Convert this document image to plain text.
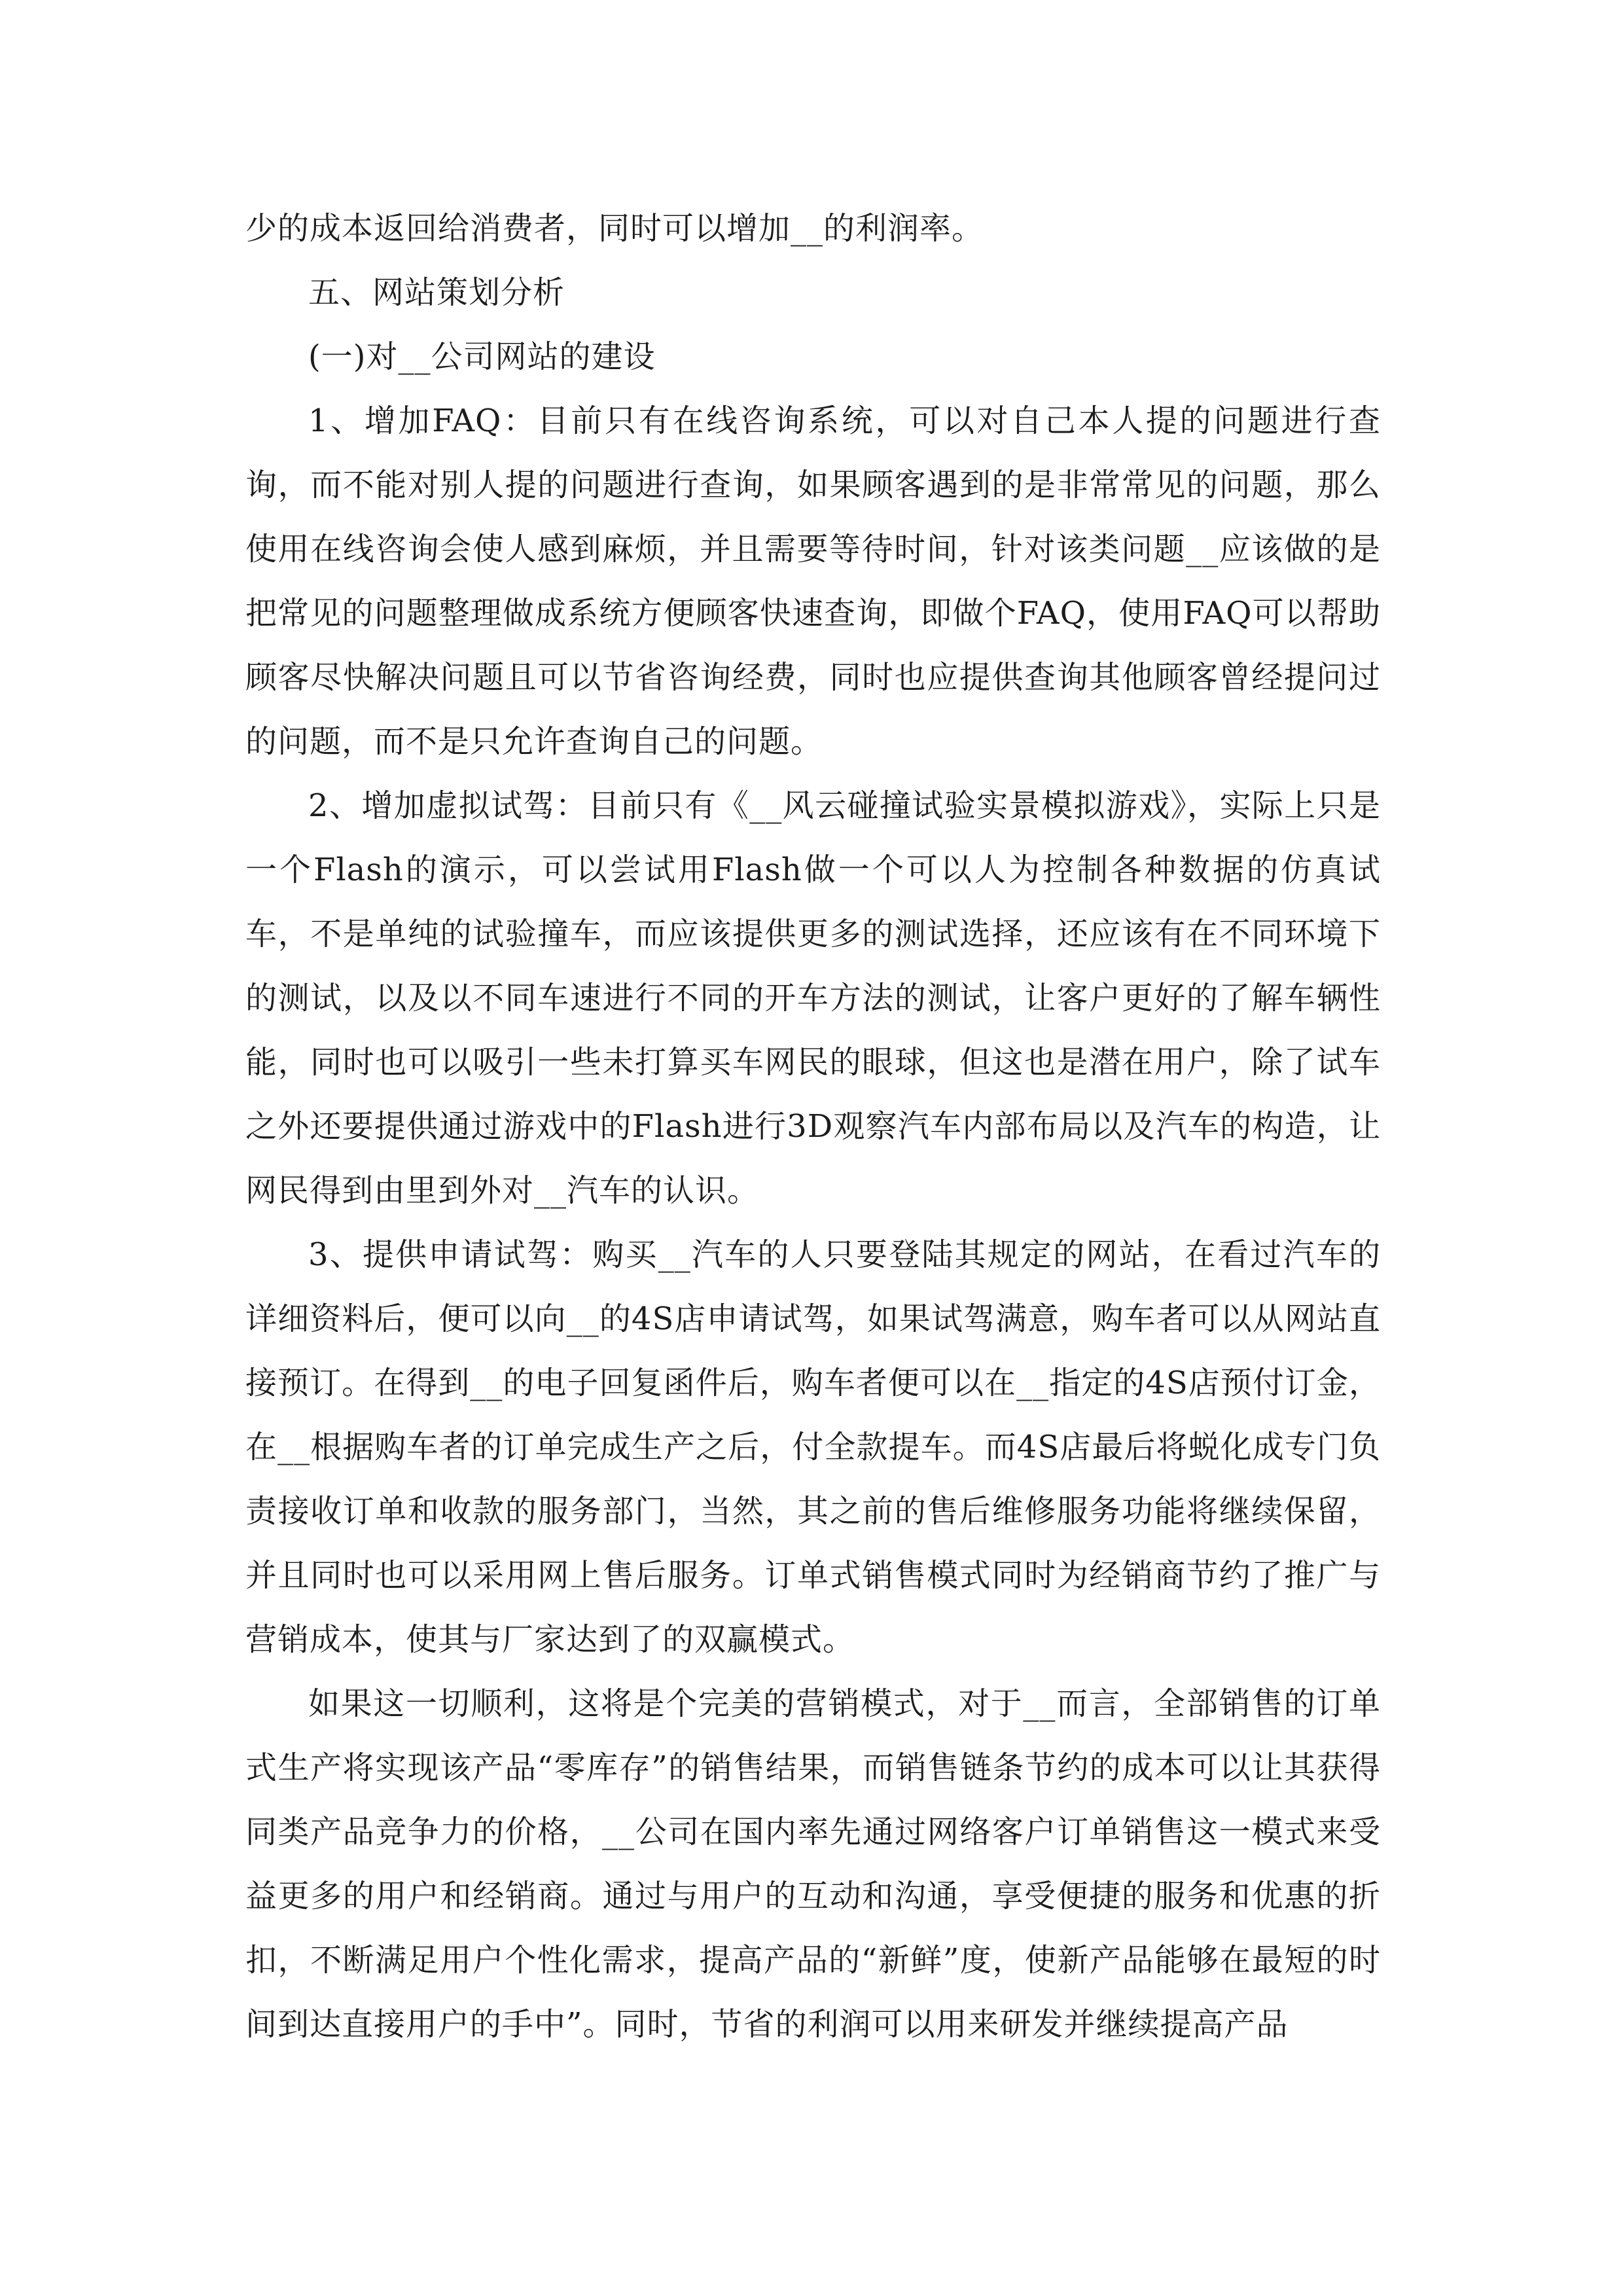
少的成本返回给消费者，同时可以增加__的利润率。

五、网站策划分析

(一)对__公司网站的建设

1、增加FAQ：目前只有在线咨询系统，可以对自己本人提的问题进行查询，而不能对别人提的问题进行查询，如果顾客遇到的是非常常见的问题，那么使用在线咨询会使人感到麻烦，并且需要等待时间，针对该类问题__应该做的是把常见的问题整理做成系统方便顾客快速查询，即做个FAQ，使用FAQ可以帮助顾客尽快解决问题且可以节省咨询经费，同时也应提供查询其他顾客曾经提问过的问题，而不是只允许查询自己的问题。

2、增加虚拟试驾：目前只有《__风云碰撞试验实景模拟游戏》，实际上只是一个Flash的演示，可以尝试用Flash做一个可以人为控制各种数据的仿真试车，不是单纯的试验撞车，而应该提供更多的测试选择，还应该有在不同环境下的测试，以及以不同车速进行不同的开车方法的测试，让客户更好的了解车辆性能，同时也可以吸引一些未打算买车网民的眼球，但这也是潜在用户，除了试车之外还要提供通过游戏中的Flash进行3D观察汽车内部布局以及汽车的构造，让网民得到由里到外对__汽车的认识。

3、提供申请试驾：购买__汽车的人只要登陆其规定的网站，在看过汽车的详细资料后，便可以向__的4S店申请试驾，如果试驾满意，购车者可以从网站直接预订。在得到__的电子回复函件后，购车者便可以在__指定的4S店预付订金，在__根据购车者的订单完成生产之后，付全款提车。而4S店最后将蜕化成专门负责接收订单和收款的服务部门，当然，其之前的售后维修服务功能将继续保留，并且同时也可以采用网上售后服务。订单式销售模式同时为经销商节约了推广与营销成本，使其与厂家达到了的双赢模式。

如果这一切顺利，这将是个完美的营销模式，对于__而言，全部销售的订单式生产将实现该产品“零库存”的销售结果，而销售链条节约的成本可以让其获得同类产品竞争力的价格，__公司在国内率先通过网络客户订单销售这一模式来受益更多的用户和经销商。通过与用户的互动和沟通，享受便捷的服务和优惠的折扣，不断满足用户个性化需求，提高产品的“新鲜”度，使新产品能够在最短的时间到达直接用户的手中”。同时，节省的利润可以用来研发并继续提高产品
